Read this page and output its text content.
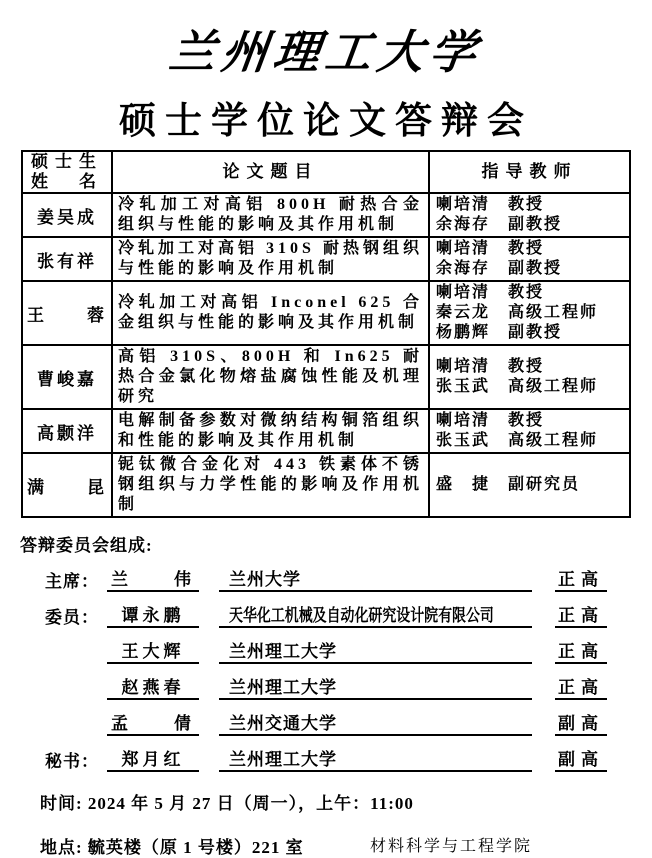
兰州理工大学
硕士学位论文答辩会
硕士生
姓　名	论文题目	指导教师
姜吴成	冷轧加工对高铝 800H 耐热合金组织与性能的影响及其作用机制	喇培清　教授
余海存　副教授

张有祥	冷轧加工对高铝 310S 耐热钢组织与性能的影响及作用机制	喇培清　教授
余海存　副教授

王　　蓉	冷轧加工对高铝 Inconel 625 合金组织与性能的影响及其作用机制	喇培清　教授
秦云龙　高级工程师
杨鹏辉　副教授

曹峻嘉	高铝 310S、800H 和 In625 耐热合金氯化物熔盐腐蚀性能及机理研究	喇培清　教授
张玉武　高级工程师

高颢洋	电解制备参数对微纳结构铜箔组织和性能的影响及其作用机制	喇培清　教授
张玉武　高级工程师

满　　昆	铌钛微合金化对 443 铁素体不锈钢组织与力学性能的影响及作用机制	盛　捷　副研究员
答辩委员会组成:
主席： 兰　　伟	兰州大学	正高
委员：	谭永鹏	天华化工机械及自动化研究设计院有限公司	正高
王大辉	兰州理工大学	正高
赵燕春	兰州理工大学	正高
孟　　倩	兰州交通大学	副高
秘书：	郑月红	兰州理工大学	副高
时间: 2024 年 5 月 27 日（周一），上午：11:00
地点: 毓英楼（原 1 号楼）221 室	材料科学与工程学院
